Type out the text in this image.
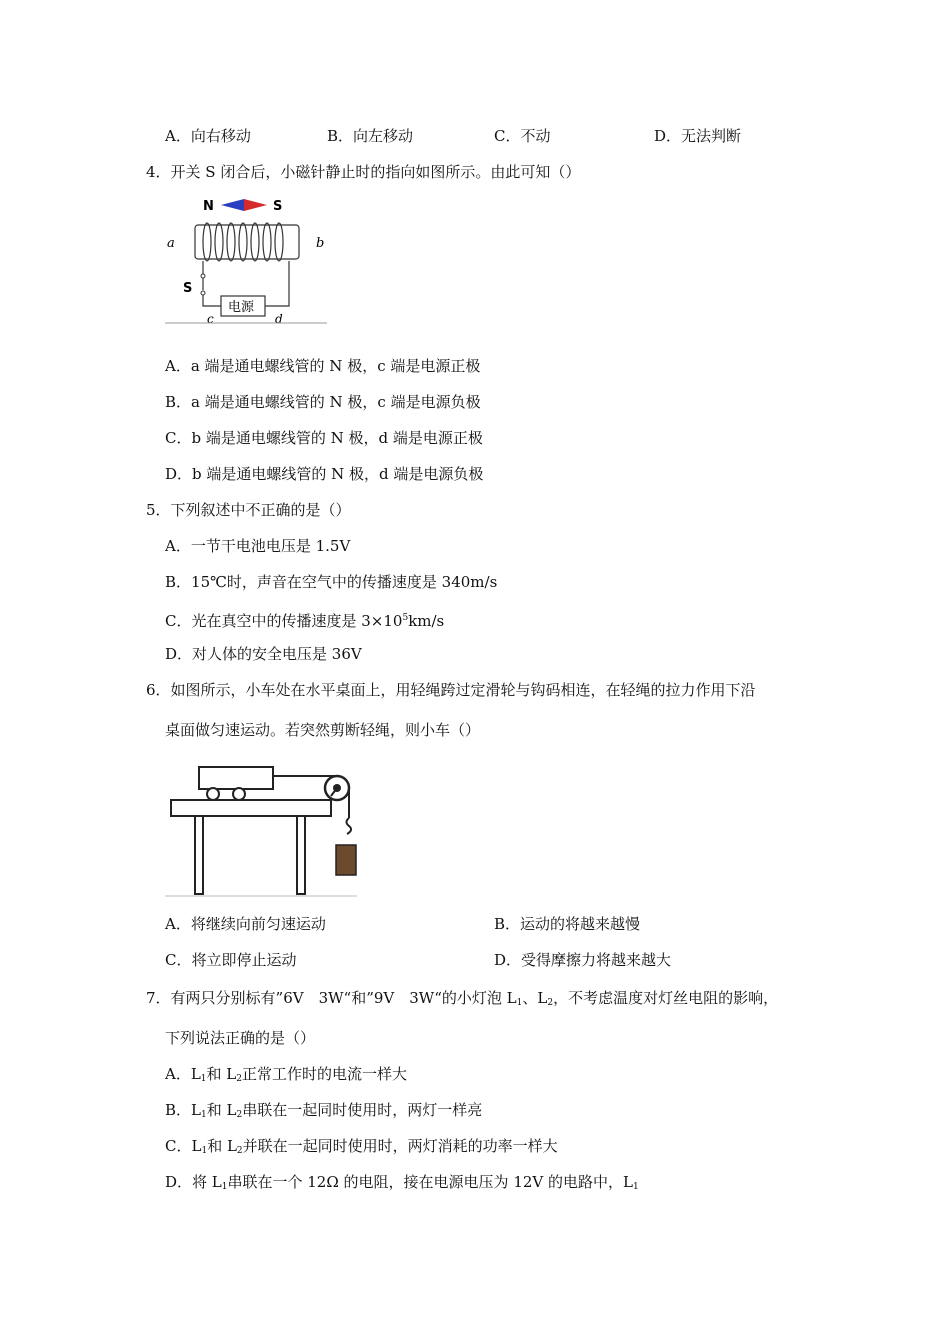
A．向右移动	B．向左移动	C．不动	D．无法判断
4．开关 S 闭合后，小磁针静止时的指向如图所示。由此可知（）
N	S
a	b
S
电源
c	d
A．a 端是通电螺线管的 N 极，c 端是电源正极
B．a 端是通电螺线管的 N 极，c 端是电源负极
C．b 端是通电螺线管的 N 极，d 端是电源正极
D．b 端是通电螺线管的 N 极，d 端是电源负极
5．下列叙述中不正确的是（）
A．一节干电池电压是 1.5V
B．15℃时，声音在空气中的传播速度是 340m/s
C．光在真空中的传播速度是 $3\times 10^5km/s$
D．对人体的安全电压是 36V
6．如图所示，小车处在水平桌面上，用轻绳跨过定滑轮与钩码相连，在轻绳的拉力作用下沿
桌面做匀速运动。若突然剪断轻绳，则小车（）
A．将继续向前匀速运动	B．运动的将越来越慢
C．将立即停止运动	D．受得摩擦力将越来越大
7．有两只分别标有”6V　3W“和”9V　3W“的小灯泡 $L_1$、$L_2$，不考虑温度对灯丝电阻的影响，
下列说法正确的是（）
A．$L_1$和 $L_2$正常工作时的电流一样大
B．$L_1$和 $L_2$串联在一起同时使用时，两灯一样亮
C．$L_1$和 $L_2$并联在一起同时使用时，两灯消耗的功率一样大
D．将 $L_1$串联在一个 12Ω 的电阻，接在电源电压为 12V 的电路中，$L_1$
